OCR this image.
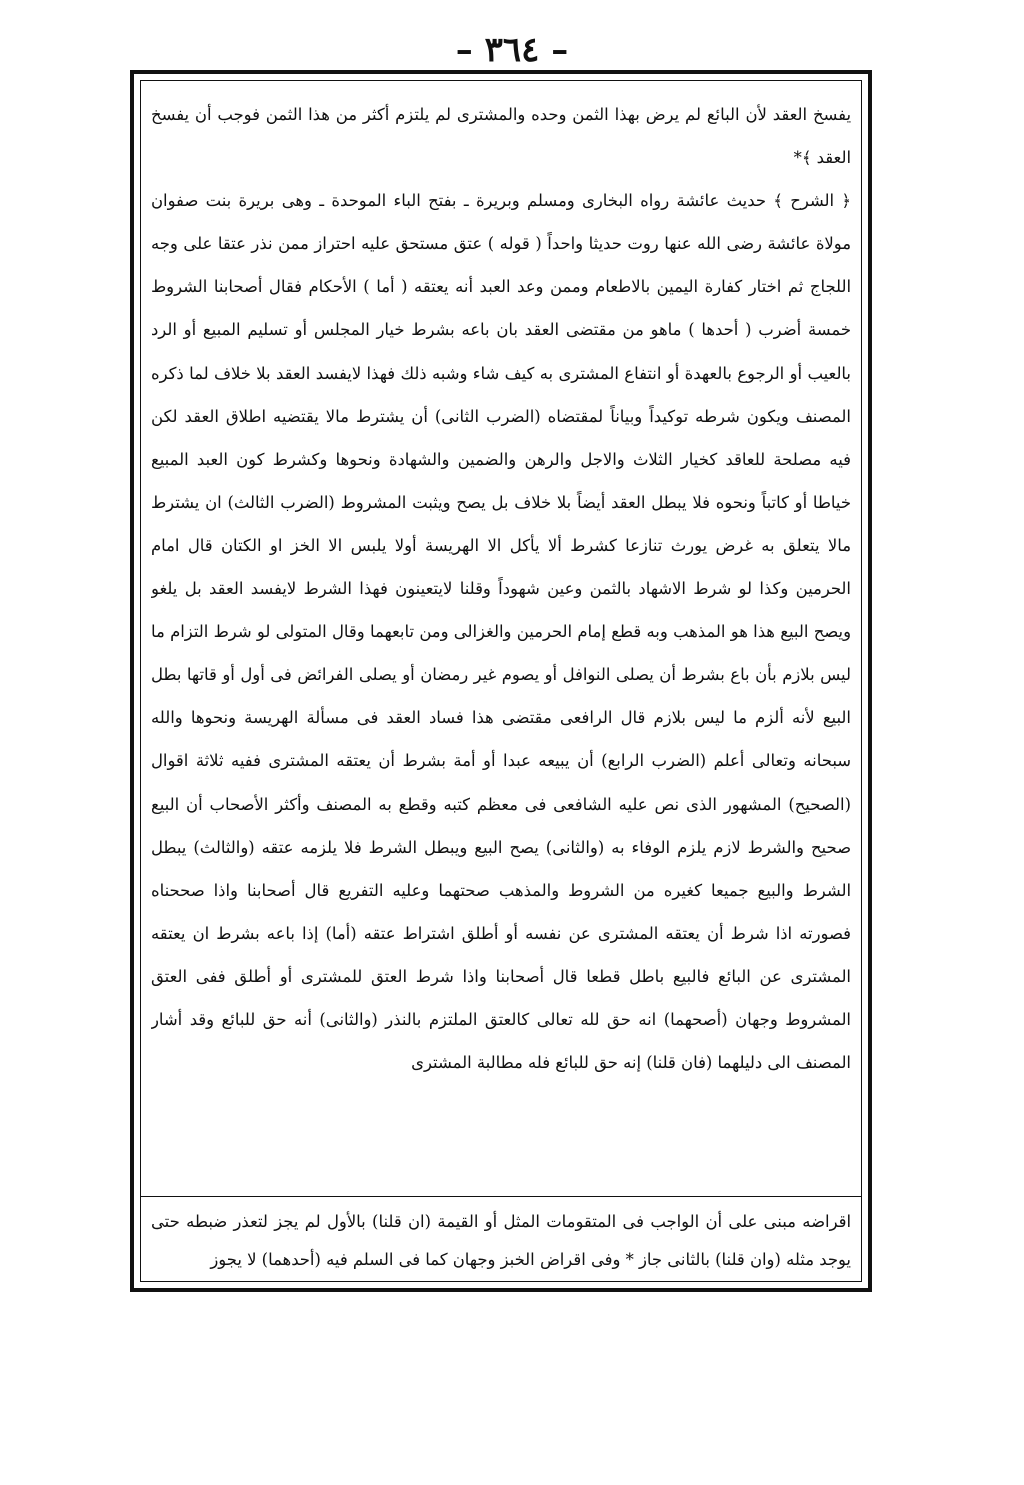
– ٣٦٤ –

يفسخ العقد لأن البائع لم يرض بهذا الثمن وحده والمشترى لم يلتزم أكثر من هذا الثمن فوجب أن يفسخ العقد ﴾*

﴿ الشرح ﴾ حديث عائشة رواه البخارى ومسلم وبريرة ـ بفتح الباء الموحدة ـ وهى بريرة بنت صفوان مولاة عائشة رضى الله عنها روت حديثا واحداً ( قوله ) عتق مستحق عليه احتراز ممن نذر عتقا على وجه اللجاج ثم اختار كفارة اليمين بالاطعام وممن وعد العبد أنه يعتقه ( أما ) الأحكام فقال أصحابنا الشروط خمسة أضرب ( أحدها ) ماهو من مقتضى العقد بان باعه بشرط خيار المجلس أو تسليم المبيع أو الرد بالعيب أو الرجوع بالعهدة أو انتفاع المشترى به كيف شاء وشبه ذلك فهذا لايفسد العقد بلا خلاف لما ذكره المصنف ويكون شرطه توكيداً وبياناً لمقتضاه (الضرب الثانى) أن يشترط مالا يقتضيه اطلاق العقد لكن فيه مصلحة للعاقد كخيار الثلاث والاجل والرهن والضمين والشهادة ونحوها وكشرط كون العبد المبيع خياطا أو كاتباً ونحوه فلا يبطل العقد أيضاً بلا خلاف بل يصح ويثبت المشروط (الضرب الثالث) ان يشترط مالا يتعلق به غرض يورث تنازعا كشرط ألا يأكل الا الهريسة أولا يلبس الا الخز او الكتان قال امام الحرمين وكذا لو شرط الاشهاد بالثمن وعين شهوداً وقلنا لايتعينون فهذا الشرط لايفسد العقد بل يلغو ويصح البيع هذا هو المذهب وبه قطع إمام الحرمين والغزالى ومن تابعهما وقال المتولى لو شرط التزام ما ليس بلازم بأن باع بشرط أن يصلى النوافل أو يصوم غير رمضان أو يصلى الفرائض فى أول أو قاتها بطل البيع لأنه ألزم ما ليس بلازم قال الرافعى مقتضى هذا فساد العقد فى مسألة الهريسة ونحوها والله سبحانه وتعالى أعلم (الضرب الرابع) أن يبيعه عبدا أو أمة بشرط أن يعتقه المشترى ففيه ثلاثة اقوال (الصحيح) المشهور الذى نص عليه الشافعى فى معظم كتبه وقطع به المصنف وأكثر الأصحاب أن البيع صحيح والشرط لازم يلزم الوفاء به (والثانى) يصح البيع ويبطل الشرط فلا يلزمه عتقه (والثالث) يبطل الشرط والبيع جميعا كغيره من الشروط والمذهب صحتهما وعليه التفريع قال أصحابنا واذا صححناه فصورته اذا شرط أن يعتقه المشترى عن نفسه أو أطلق اشتراط عتقه (أما) إذا باعه بشرط ان يعتقه المشترى عن البائع فالبيع باطل قطعا قال أصحابنا واذا شرط العتق للمشترى أو أطلق ففى العتق المشروط وجهان (أصحهما) انه حق لله تعالى كالعتق الملتزم بالنذر (والثانى) أنه حق للبائع وقد أشار المصنف الى دليلهما (فان قلنا) إنه حق للبائع فله مطالبة المشترى

اقراضه مبنى على أن الواجب فى المتقومات المثل أو القيمة (ان قلنا) بالأول لم يجز لتعذر ضبطه حتى يوجد مثله (وان قلنا) بالثانى جاز * وفى اقراض الخبز وجهان كما فى السلم فيه (أحدهما) لا يجوز
